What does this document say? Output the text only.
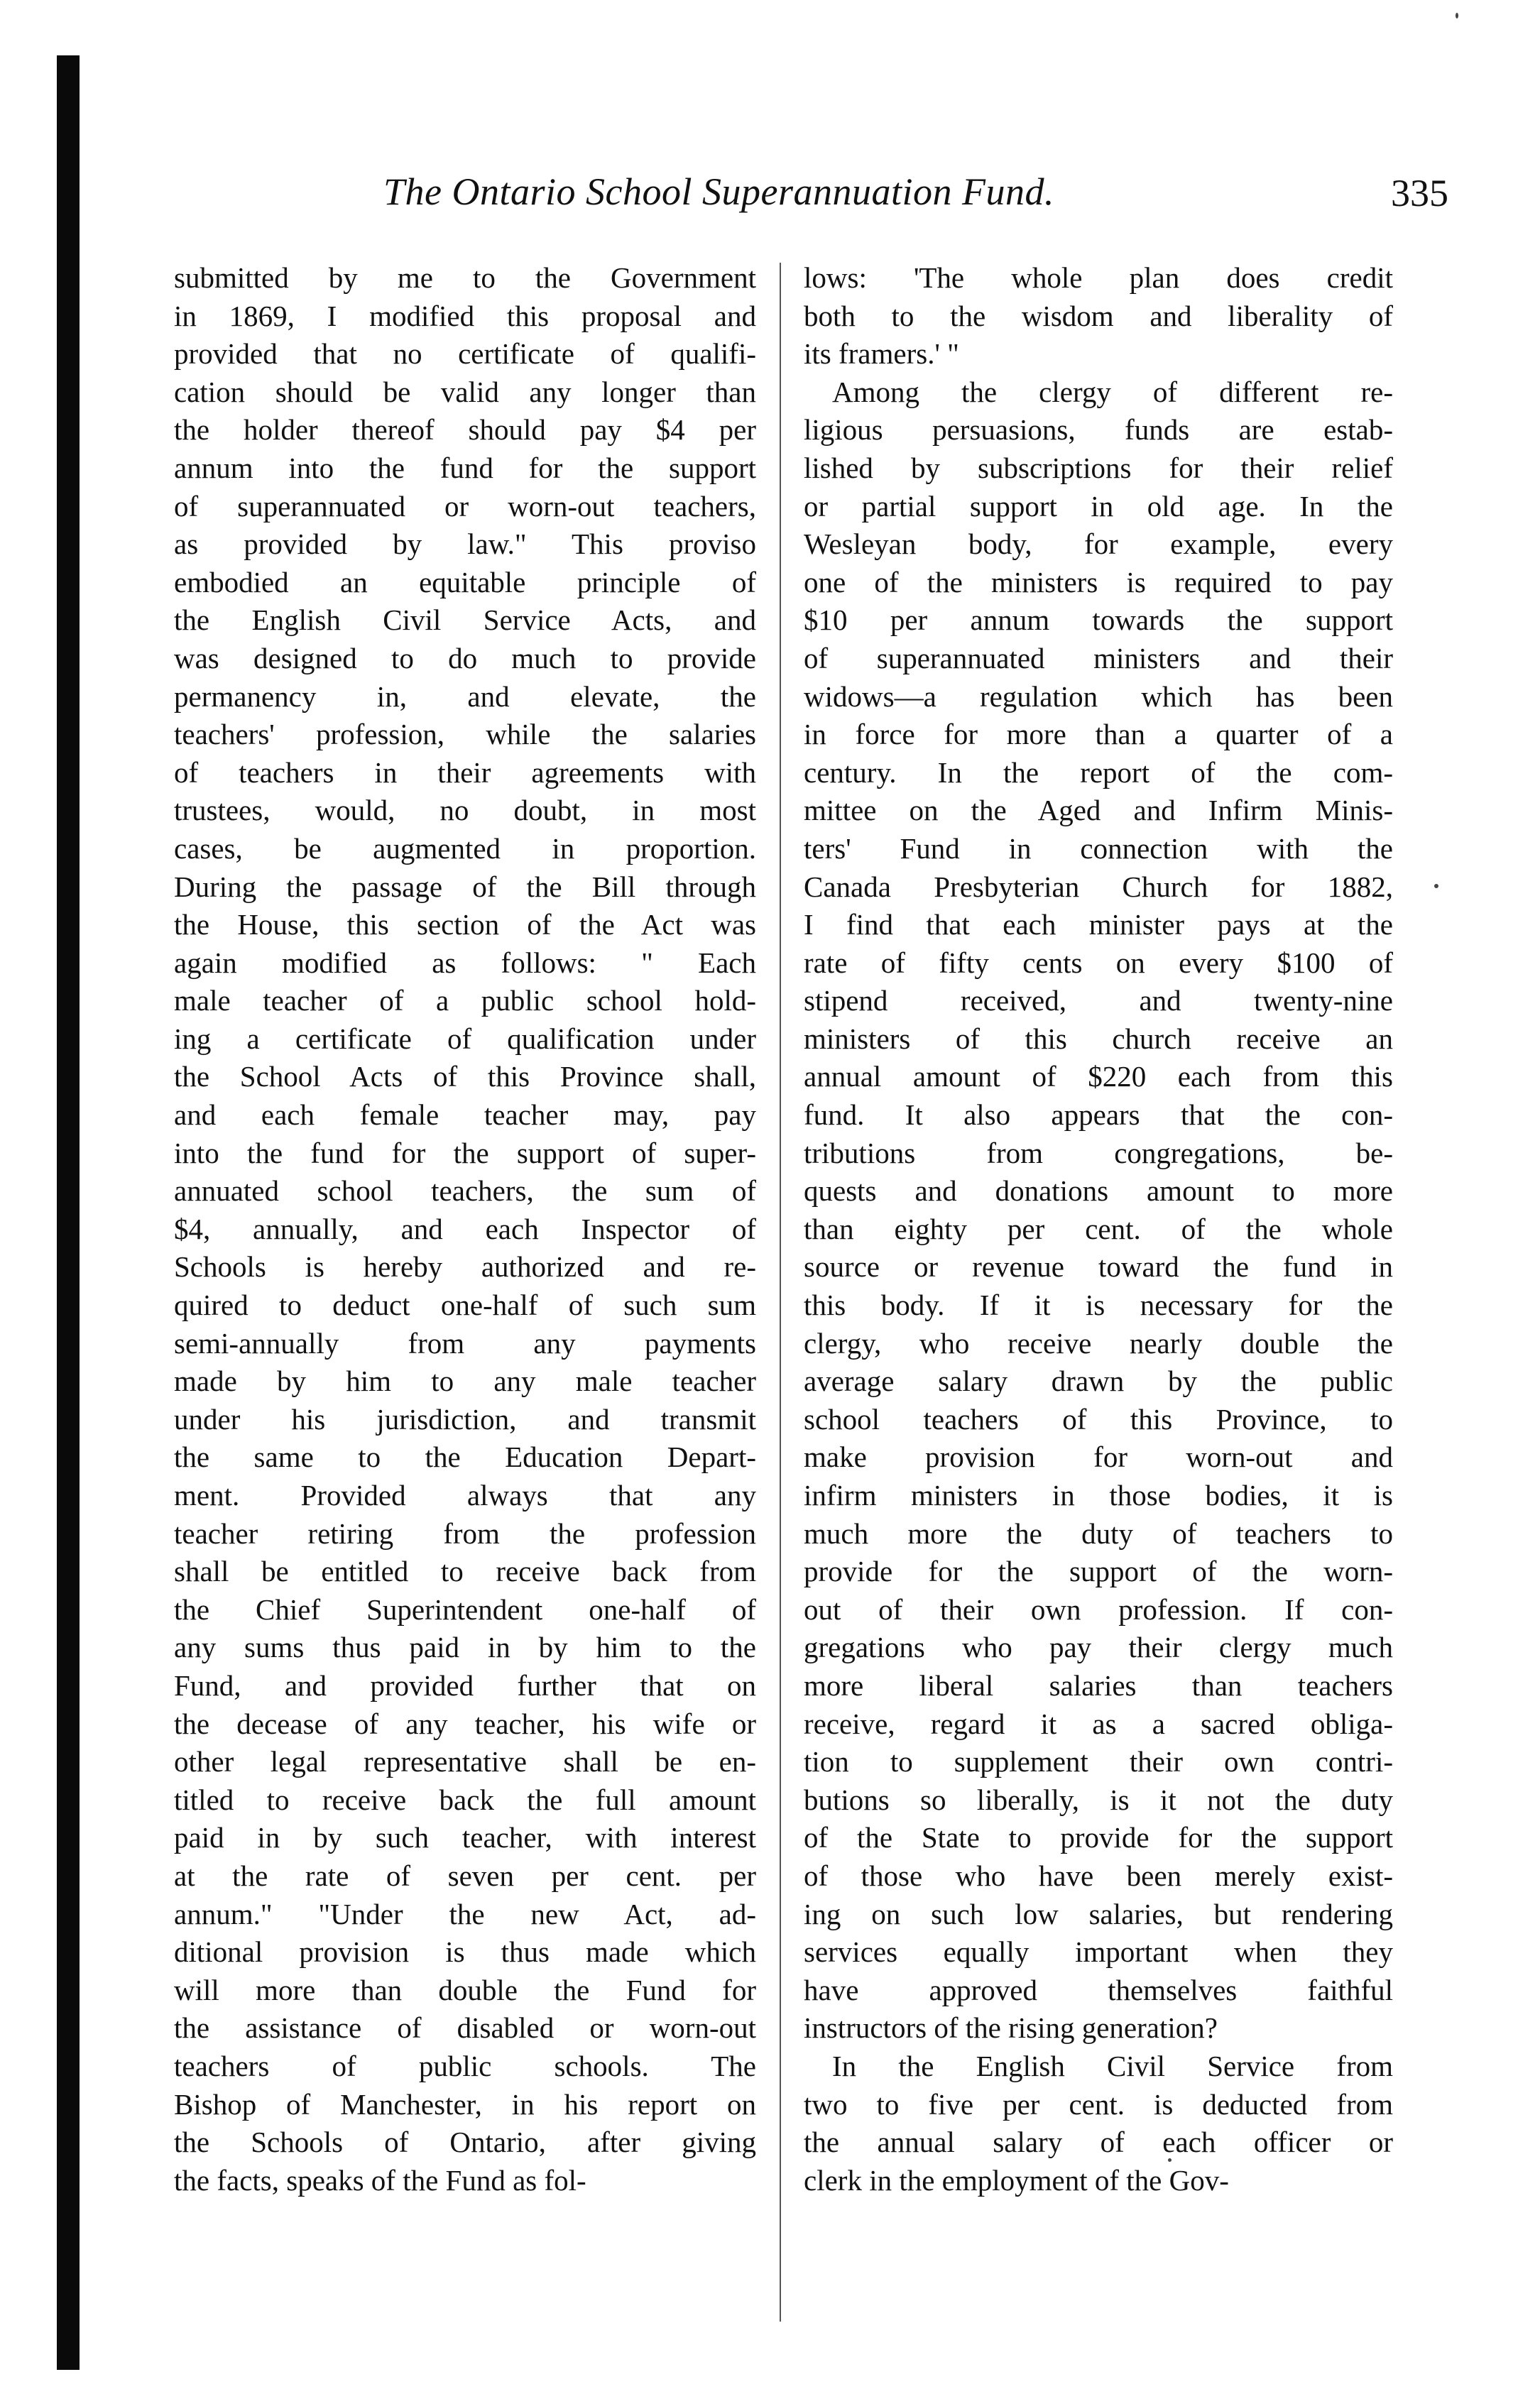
The Ontario School Superannuation Fund.	335
submitted by me to the Government
in 1869, I modified this proposal and
provided that no certificate of qualifi-
cation should be valid any longer than
the holder thereof should pay $4 per
annum into the fund for the support
of superannuated or worn-out teachers,
as provided by law." This proviso
embodied an equitable principle of
the English Civil Service Acts, and
was designed to do much to provide
permanency in, and elevate, the
teachers' profession, while the salaries
of teachers in their agreements with
trustees, would, no doubt, in most
cases, be augmented in proportion.
During the passage of the Bill through
the House, this section of the Act was
again modified as follows: " Each
male teacher of a public school hold-
ing a certificate of qualification under
the School Acts of this Province shall,
and each female teacher may, pay
into the fund for the support of super-
annuated school teachers, the sum of
$4, annually, and each Inspector of
Schools is hereby authorized and re-
quired to deduct one-half of such sum
semi-annually from any payments
made by him to any male teacher
under his jurisdiction, and transmit
the same to the Education Depart-
ment. Provided always that any
teacher retiring from the profession
shall be entitled to receive back from
the Chief Superintendent one-half of
any sums thus paid in by him to the
Fund, and provided further that on
the decease of any teacher, his wife or
other legal representative shall be en-
titled to receive back the full amount
paid in by such teacher, with interest
at the rate of seven per cent. per
annum." "Under the new Act, ad-
ditional provision is thus made which
will more than double the Fund for
the assistance of disabled or worn-out
teachers of public schools. The
Bishop of Manchester, in his report on
the Schools of Ontario, after giving
the facts, speaks of the Fund as fol-
lows: 'The whole plan does credit
both to the wisdom and liberality of
its framers.' "
Among the clergy of different re-
ligious persuasions, funds are estab-
lished by subscriptions for their relief
or partial support in old age. In the
Wesleyan body, for example, every
one of the ministers is required to pay
$10 per annum towards the support
of superannuated ministers and their
widows—a regulation which has been
in force for more than a quarter of a
century. In the report of the com-
mittee on the Aged and Infirm Minis-
ters' Fund in connection with the
Canada Presbyterian Church for 1882,
I find that each minister pays at the
rate of fifty cents on every $100 of
stipend received, and twenty-nine
ministers of this church receive an
annual amount of $220 each from this
fund. It also appears that the con-
tributions from congregations, be-
quests and donations amount to more
than eighty per cent. of the whole
source or revenue toward the fund in
this body. If it is necessary for the
clergy, who receive nearly double the
average salary drawn by the public
school teachers of this Province, to
make provision for worn-out and
infirm ministers in those bodies, it is
much more the duty of teachers to
provide for the support of the worn-
out of their own profession. If con-
gregations who pay their clergy much
more liberal salaries than teachers
receive, regard it as a sacred obliga-
tion to supplement their own contri-
butions so liberally, is it not the duty
of the State to provide for the support
of those who have been merely exist-
ing on such low salaries, but rendering
services equally important when they
have approved themselves faithful
instructors of the rising generation?
In the English Civil Service from
two to five per cent. is deducted from
the annual salary of each officer or
clerk in the employment of the Gov-
